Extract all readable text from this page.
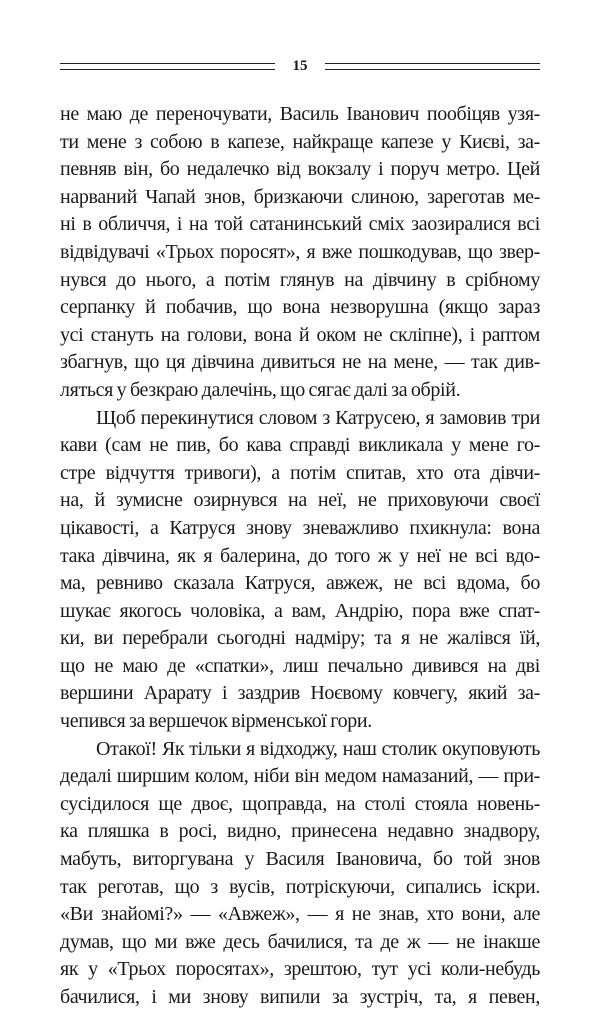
15

не маю де переночувати, Василь Іванович пообіцяв узя-
ти мене з собою в капезе, найкраще капезе у Києві, за-
певняв він, бо недалечко від вокзалу і поруч метро. Цей
нарваний Чапай знов, бризкаючи слиною, зареготав ме-
ні в обличчя, і на той сатанинський сміх заозиралися всі
відвідувачі «Трьох поросят», я вже пошкодував, що звер-
нувся до нього, а потім глянув на дівчину в срібному
серпанку й побачив, що вона незворушна (якщо зараз
усі стануть на голови, вона й оком не скліпне), і раптом
збагнув, що ця дівчина дивиться не на мене, — так див-
ляться у безкраю далечінь, що сягає далі за обрій.

Щоб перекинутися словом з Катрусею, я замовив три
кави (сам не пив, бо кава справді викликала у мене го-
стре відчуття тривоги), а потім спитав, хто ота дівчи-
на, й зумисне озирнувся на неї, не приховуючи своєї
цікавості, а Катруся знову зневажливо пхикнула: вона
така дівчина, як я балерина, до того ж у неї не всі вдо-
ма, ревниво сказала Катруся, авжеж, не всі вдома, бо
шукає якогось чоловіка, а вам, Андрію, пора вже спат-
ки, ви перебрали сьогодні надміру; та я не жалівся їй,
що не маю де «спатки», лиш печально дивився на дві
вершини Арарату і заздрив Ноєвому ковчегу, який за-
чепився за вершечок вірменської гори.

Отакої! Як тільки я відходжу, наш столик окуповують
дедалі ширшим колом, ніби він медом намазаний, — при-
сусідилося ще двоє, щоправда, на столі стояла новень-
ка пляшка в росі, видно, принесена недавно знадвору,
мабуть, виторгувана у Василя Івановича, бо той знов
так реготав, що з вусів, потріскуючи, сипались іскри.
«Ви знайомі?» — «Авжеж», — я не знав, хто вони, але
думав, що ми вже десь бачилися, та де ж — не інакше
як у «Трьох поросятах», зрештою, тут усі коли-небудь
бачилися, і ми знову випили за зустріч, та, я певен,
